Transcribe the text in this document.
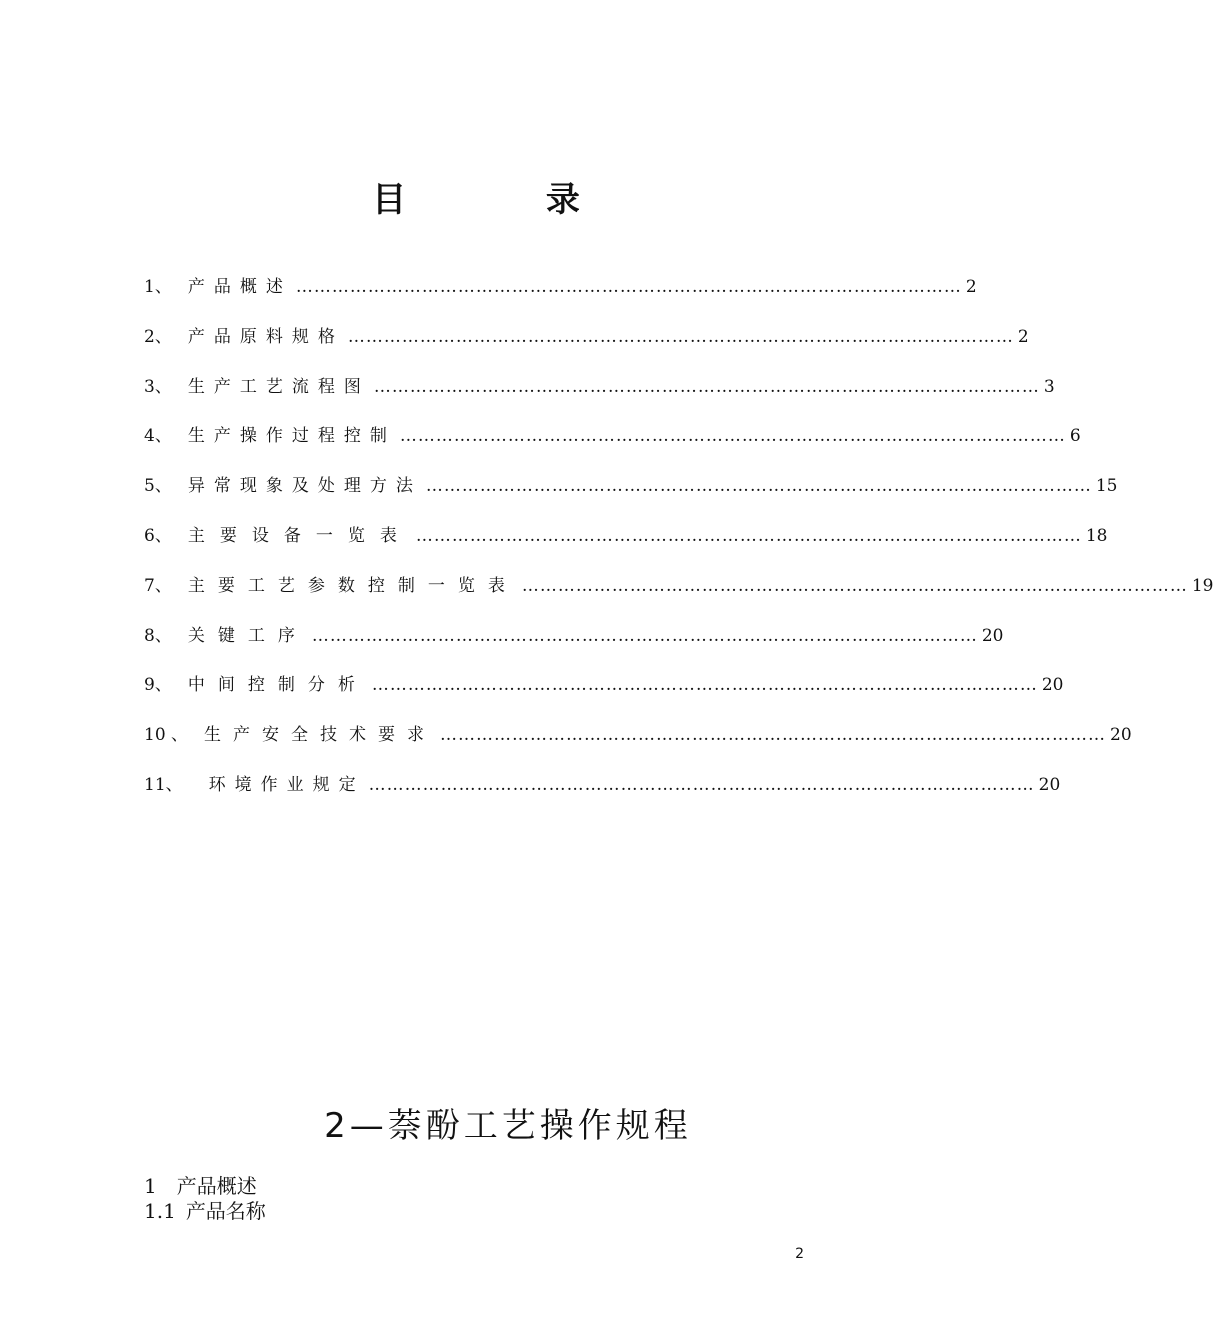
目 录
1、 产品概述 ………………………………………………………………………………………………… 2
2、 产品原料规格 ………………………………………………………………………………………………… 2
3、 生产工艺流程图 ………………………………………………………………………………………………… 3
4、 生产操作过程控制 ………………………………………………………………………………………………… 6
5、 异常现象及处理方法 ………………………………………………………………………………………………… 15
6、 主要设备一览表 ………………………………………………………………………………………………… 18
7、 主要工艺参数控制一览表 ………………………………………………………………………………………………… 19
8、 关键工序 ………………………………………………………………………………………………… 20
9、 中间控制分析 ………………………………………………………………………………………………… 20
10 、 生产安全技术要求 ………………………………………………………………………………………………… 20
11、 环境作业规定 ………………………………………………………………………………………………… 20
2—萘酚工艺操作规程
1 产品概述
1.1 产品名称
2
